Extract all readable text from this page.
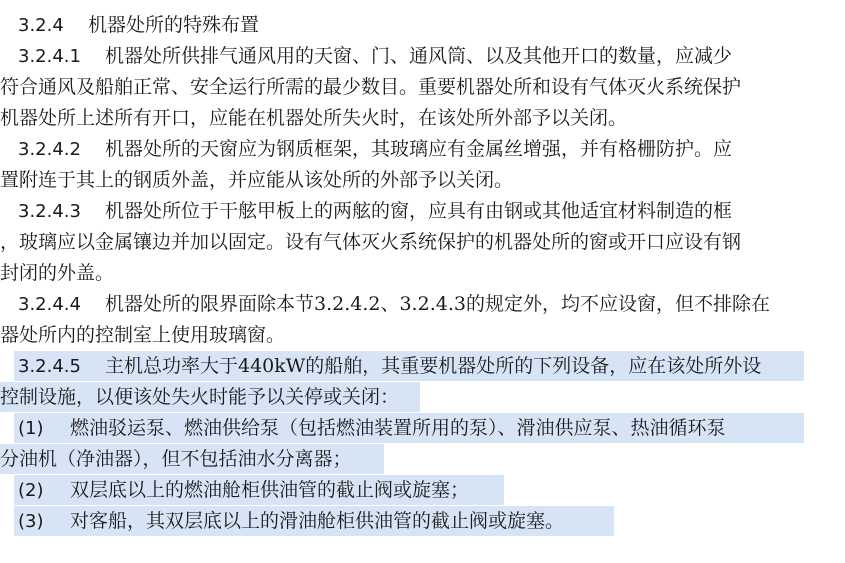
3.2.4 机器处所的特殊布置
3.2.4.1 机器处所供排气通风用的天窗、门、通风筒、以及其他开口的数量，应减少
符合通风及船舶正常、安全运行所需的最少数目。重要机器处所和设有气体灭火系统保护
机器处所上述所有开口，应能在机器处所失火时，在该处所外部予以关闭。
3.2.4.2 机器处所的天窗应为钢质框架，其玻璃应有金属丝增强，并有格栅防护。应
置附连于其上的钢质外盖，并应能从该处所的外部予以关闭。
3.2.4.3 机器处所位于干舷甲板上的两舷的窗，应具有由钢或其他适宜材料制造的框
，玻璃应以金属镶边并加以固定。设有气体灭火系统保护的机器处所的窗或开口应设有钢
封闭的外盖。
3.2.4.4 机器处所的限界面除本节3.2.4.2、3.2.4.3的规定外，均不应设窗，但不排除在
器处所内的控制室上使用玻璃窗。
3.2.4.5 主机总功率大于440kW的船舶，其重要机器处所的下列设备，应在该处所外设
控制设施，以便该处失火时能予以关停或关闭：
(1) 燃油驳运泵、燃油供给泵（包括燃油装置所用的泵）、滑油供应泵、热油循环泵
分油机（净油器），但不包括油水分离器；
(2) 双层底以上的燃油舱柜供油管的截止阀或旋塞；
(3) 对客船，其双层底以上的滑油舱柜供油管的截止阀或旋塞。
